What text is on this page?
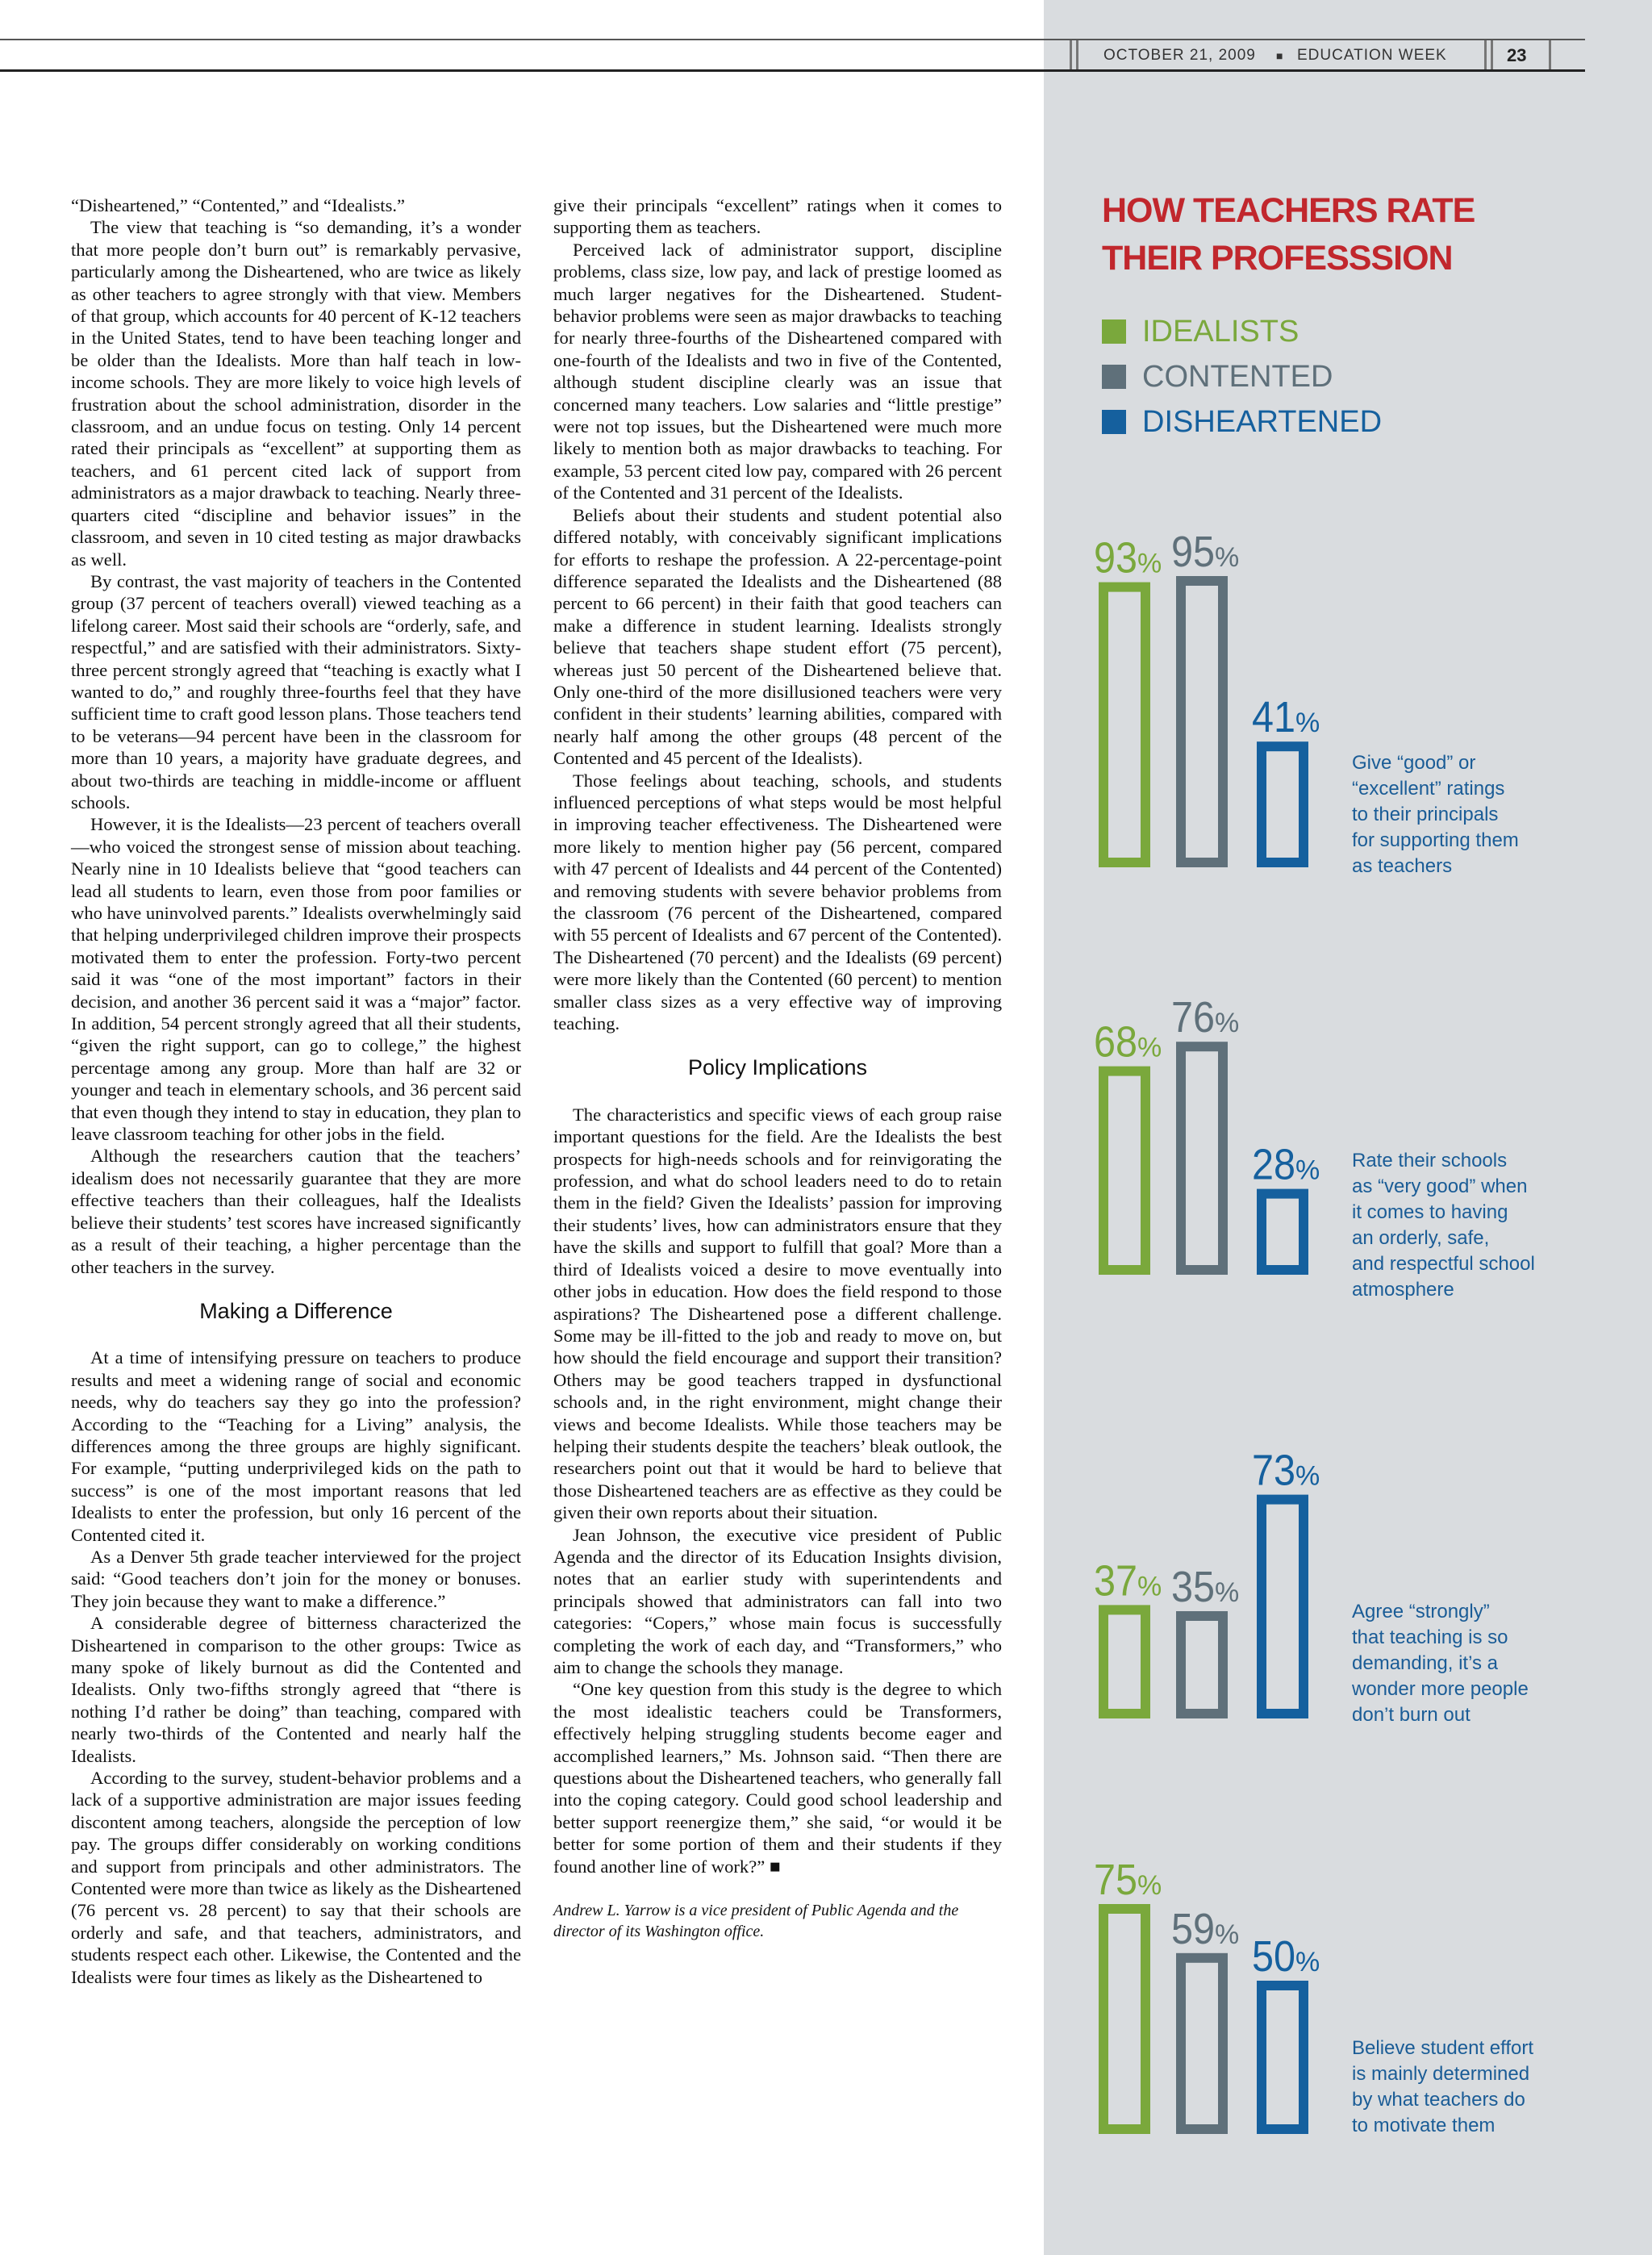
OCTOBER 21, 2009 ■ EDUCATION WEEK	23

“Disheartened,” “Contented,” and “Idealists.”

The view that teaching is “so demanding, it’s a wonder that more people don’t burn out” is remarkably pervasive, particularly among the Disheartened, who are twice as likely as other teachers to agree strongly with that view. Members of that group, which accounts for 40 percent of K-12 teachers in the United States, tend to have been teaching longer and be older than the Idealists. More than half teach in low-income schools. They are more likely to voice high levels of frustration about the school administration, disorder in the classroom, and an undue focus on testing. Only 14 percent rated their principals as “excellent” at supporting them as teachers, and 61 percent cited lack of support from administrators as a major drawback to teaching. Nearly three-quarters cited “discipline and behavior issues” in the classroom, and seven in 10 cited testing as major drawbacks as well.

By contrast, the vast majority of teachers in the Contented group (37 percent of teachers overall) viewed teaching as a lifelong career. Most said their schools are “orderly, safe, and respectful,” and are satisfied with their administrators. Sixty-three percent strongly agreed that “teaching is exactly what I wanted to do,” and roughly three-fourths feel that they have sufficient time to craft good lesson plans. Those teachers tend to be veterans—94 percent have been in the classroom for more than 10 years, a majority have graduate degrees, and about two-thirds are teaching in middle-income or affluent schools.

However, it is the Idealists—23 percent of teachers overall—who voiced the strongest sense of mission about teaching. Nearly nine in 10 Idealists believe that “good teachers can lead all students to learn, even those from poor families or who have uninvolved parents.” Idealists overwhelmingly said that helping underprivileged children improve their prospects motivated them to enter the profession. Forty-two percent said it was “one of the most important” factors in their decision, and another 36 percent said it was a “major” factor. In addition, 54 percent strongly agreed that all their students, “given the right support, can go to college,” the highest percentage among any group. More than half are 32 or younger and teach in elementary schools, and 36 percent said that even though they intend to stay in education, they plan to leave classroom teaching for other jobs in the field.

Although the researchers caution that the teachers’ idealism does not necessarily guarantee that they are more effective teachers than their colleagues, half the Idealists believe their students’ test scores have increased significantly as a result of their teaching, a higher percentage than the other teachers in the survey.

Making a Difference

At a time of intensifying pressure on teachers to produce results and meet a widening range of social and economic needs, why do teachers say they go into the profession? According to the “Teaching for a Living” analysis, the differences among the three groups are highly significant. For example, “putting underprivileged kids on the path to success” is one of the most important reasons that led Idealists to enter the profession, but only 16 percent of the Contented cited it.

As a Denver 5th grade teacher interviewed for the project said: “Good teachers don’t join for the money or bonuses. They join because they want to make a difference.”

A considerable degree of bitterness characterized the Disheartened in comparison to the other groups: Twice as many spoke of likely burnout as did the Contented and Idealists. Only two-fifths strongly agreed that “there is nothing I’d rather be doing” than teaching, compared with nearly two-thirds of the Contented and nearly half the Idealists.

According to the survey, student-behavior problems and a lack of a supportive administration are major issues feeding discontent among teachers, alongside the perception of low pay. The groups differ considerably on working conditions and support from principals and other administrators. The Contented were more than twice as likely as the Disheartened (76 percent vs. 28 percent) to say that their schools are orderly and safe, and that teachers, administrators, and students respect each other. Likewise, the Contented and the Idealists were four times as likely as the Disheartened to

give their principals “excellent” ratings when it comes to supporting them as teachers.

Perceived lack of administrator support, discipline problems, class size, low pay, and lack of prestige loomed as much larger negatives for the Disheartened. Student-behavior problems were seen as major drawbacks to teaching for nearly three-fourths of the Disheartened compared with one-fourth of the Idealists and two in five of the Contented, although student discipline clearly was an issue that concerned many teachers. Low salaries and “little prestige” were not top issues, but the Disheartened were much more likely to mention both as major drawbacks to teaching. For example, 53 percent cited low pay, compared with 26 percent of the Contented and 31 percent of the Idealists.

Beliefs about their students and student potential also differed notably, with conceivably significant implications for efforts to reshape the profession. A 22-percentage-point difference separated the Idealists and the Disheartened (88 percent to 66 percent) in their faith that good teachers can make a difference in student learning. Idealists strongly believe that teachers shape student effort (75 percent), whereas just 50 percent of the Disheartened believe that. Only one-third of the more disillusioned teachers were very confident in their students’ learning abilities, compared with nearly half among the other groups (48 percent of the Contented and 45 percent of the Idealists).

Those feelings about teaching, schools, and students influenced perceptions of what steps would be most helpful in improving teacher effectiveness. The Disheartened were more likely to mention higher pay (56 percent, compared with 47 percent of Idealists and 44 percent of the Contented) and removing students with severe behavior problems from the classroom (76 percent of the Disheartened, compared with 55 percent of Idealists and 67 percent of the Contented). The Disheartened (70 percent) and the Idealists (69 percent) were more likely than the Contented (60 percent) to mention smaller class sizes as a very effective way of improving teaching.

Policy Implications

The characteristics and specific views of each group raise important questions for the field. Are the Idealists the best prospects for high-needs schools and for reinvigorating the profession, and what do school leaders need to do to retain them in the field? Given the Idealists’ passion for improving their students’ lives, how can administrators ensure that they have the skills and support to fulfill that goal? More than a third of Idealists voiced a desire to move eventually into other jobs in education. How does the field respond to those aspirations? The Disheartened pose a different challenge. Some may be ill-fitted to the job and ready to move on, but how should the field encourage and support their transition? Others may be good teachers trapped in dysfunctional schools and, in the right environment, might change their views and become Idealists. While those teachers may be helping their students despite the teachers’ bleak outlook, the researchers point out that it would be hard to believe that those Disheartened teachers are as effective as they could be given their own reports about their situation.

Jean Johnson, the executive vice president of Public Agenda and the director of its Education Insights division, notes that an earlier study with superintendents and principals showed that administrators can fall into two categories: “Copers,” whose main focus is successfully completing the work of each day, and “Transformers,” who aim to change the schools they manage.

“One key question from this study is the degree to which the most idealistic teachers could be Transformers, effectively helping struggling students become eager and accomplished learners,” Ms. Johnson said. “Then there are questions about the Disheartened teachers, who generally fall into the coping category. Could good school leadership and better support reenergize them,” she said, “or would it be better for some portion of them and their students if they found another line of work?” ■

Andrew L. Yarrow is a vice president of Public Agenda and the director of its Washington office.

HOW TEACHERS RATE
THEIR PROFESSSION
IDEALISTS
CONTENTED
DISHEARTENED
93% 95%
41%
68%
76%
28%
37% 35%
73%
75%
59% 50%
Give “good” or
“excellent” ratings
to their principals
for supporting them
as teachers
Rate their schools
as “very good” when
it comes to having
an orderly, safe,
and respectful school
atmosphere
Agree “strongly”
that teaching is so
demanding, it’s a
wonder more people
don’t burn out
Believe student effort
is mainly determined
by what teachers do
to motivate them
